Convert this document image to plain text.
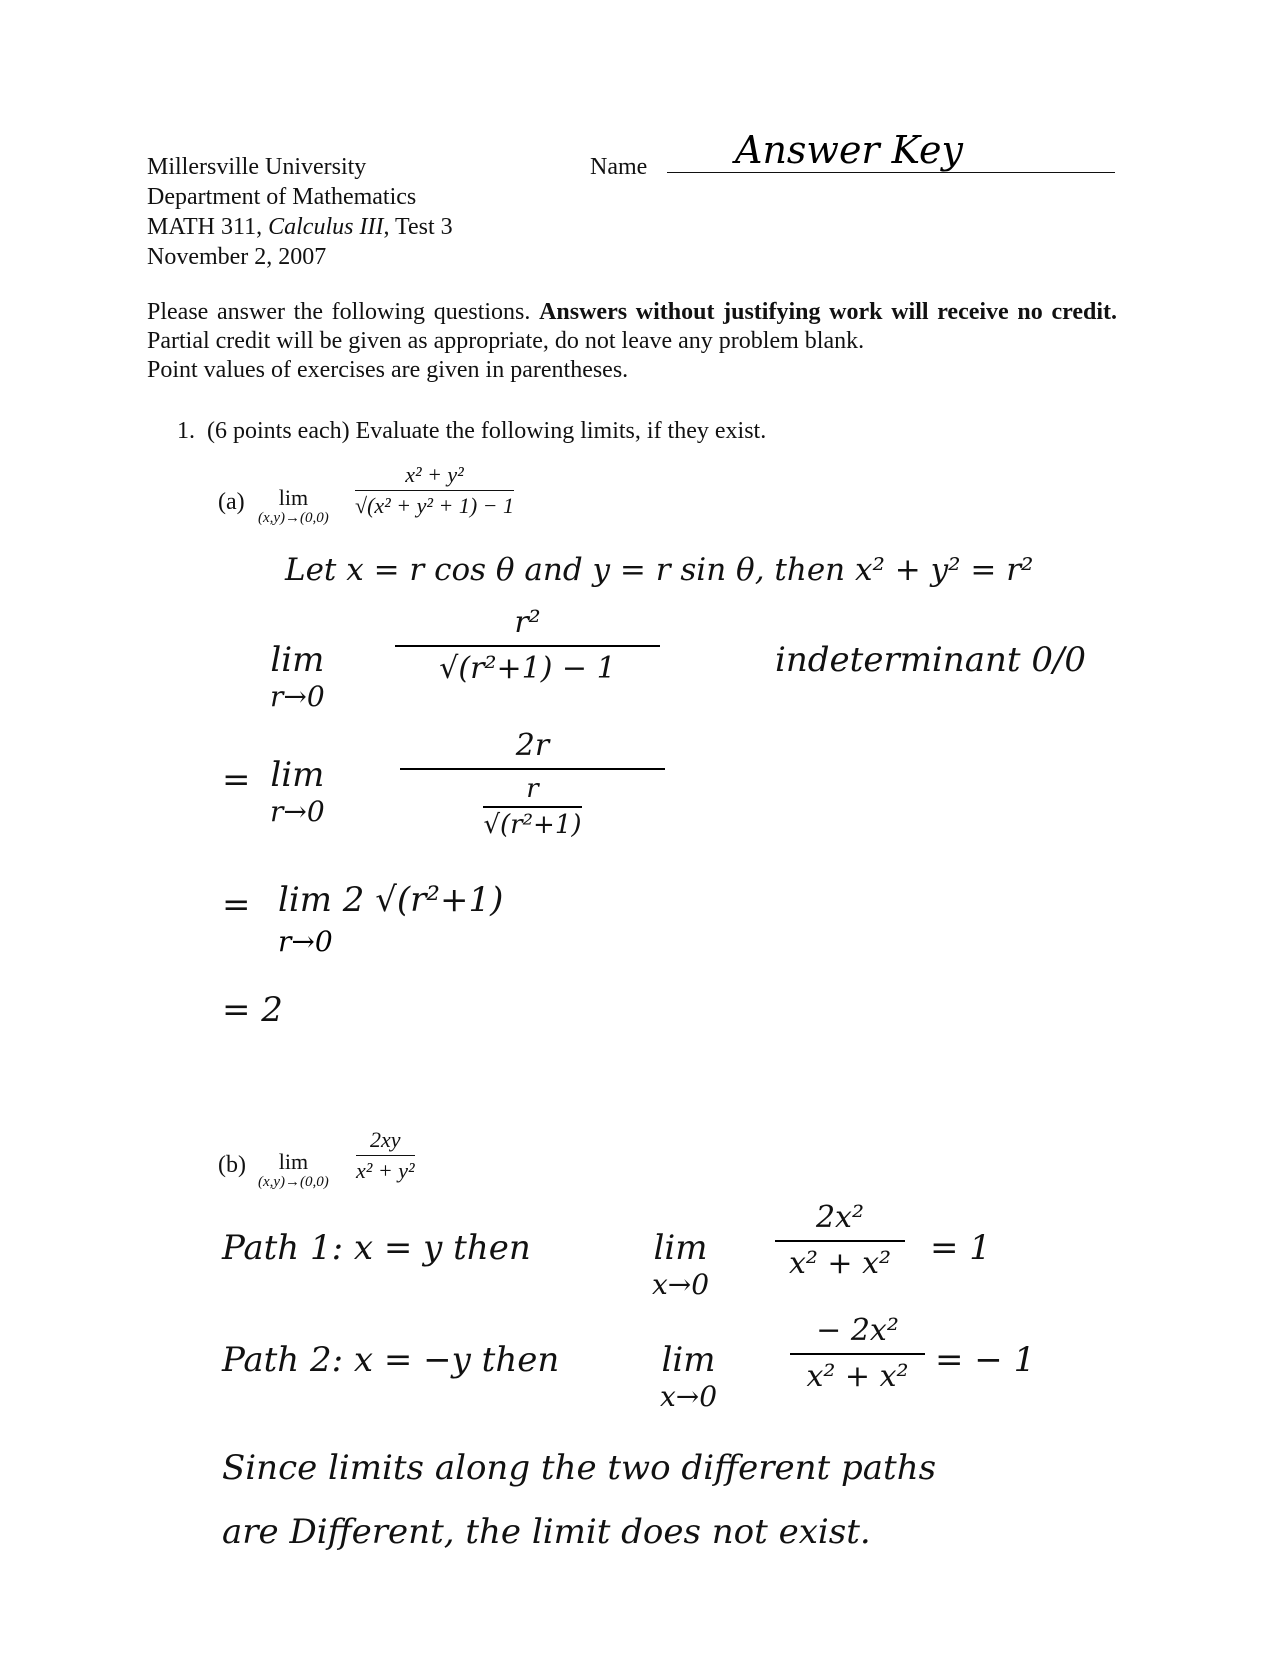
Millersville University
Department of Mathematics
MATH 311, Calculus III, Test 3
November 2, 2007
Name Answer Key
Please answer the following questions. Answers without justifying work will receive no credit. Partial credit will be given as appropriate, do not leave any problem blank.
Point values of exercises are given in parentheses.
1. (6 points each) Evaluate the following limits, if they exist.
(a) lim
(x,y)→(0,0)
x² + y²
√(x² + y² + 1) − 1
Let x = r cos θ and y = r sin θ, then x² + y² = r²
lim
r→0
r²
√(r²+1) − 1	indeterminant 0/0
= lim
r→0
2r
$\frac{r}{\text{√(r²+1)}}$
= lim 2 √(r²+1)
r→0
= 2
(b) lim
(x,y)→(0,0)
2xy
x² + y²
Path 1: x = y then	lim
x→0
2x²
x² + x² = 1
Path 2: x = −y then	lim
x→0
− 2x²
x² + x² = − 1
Since limits along the two different paths
are Different, the limit does not exist.
